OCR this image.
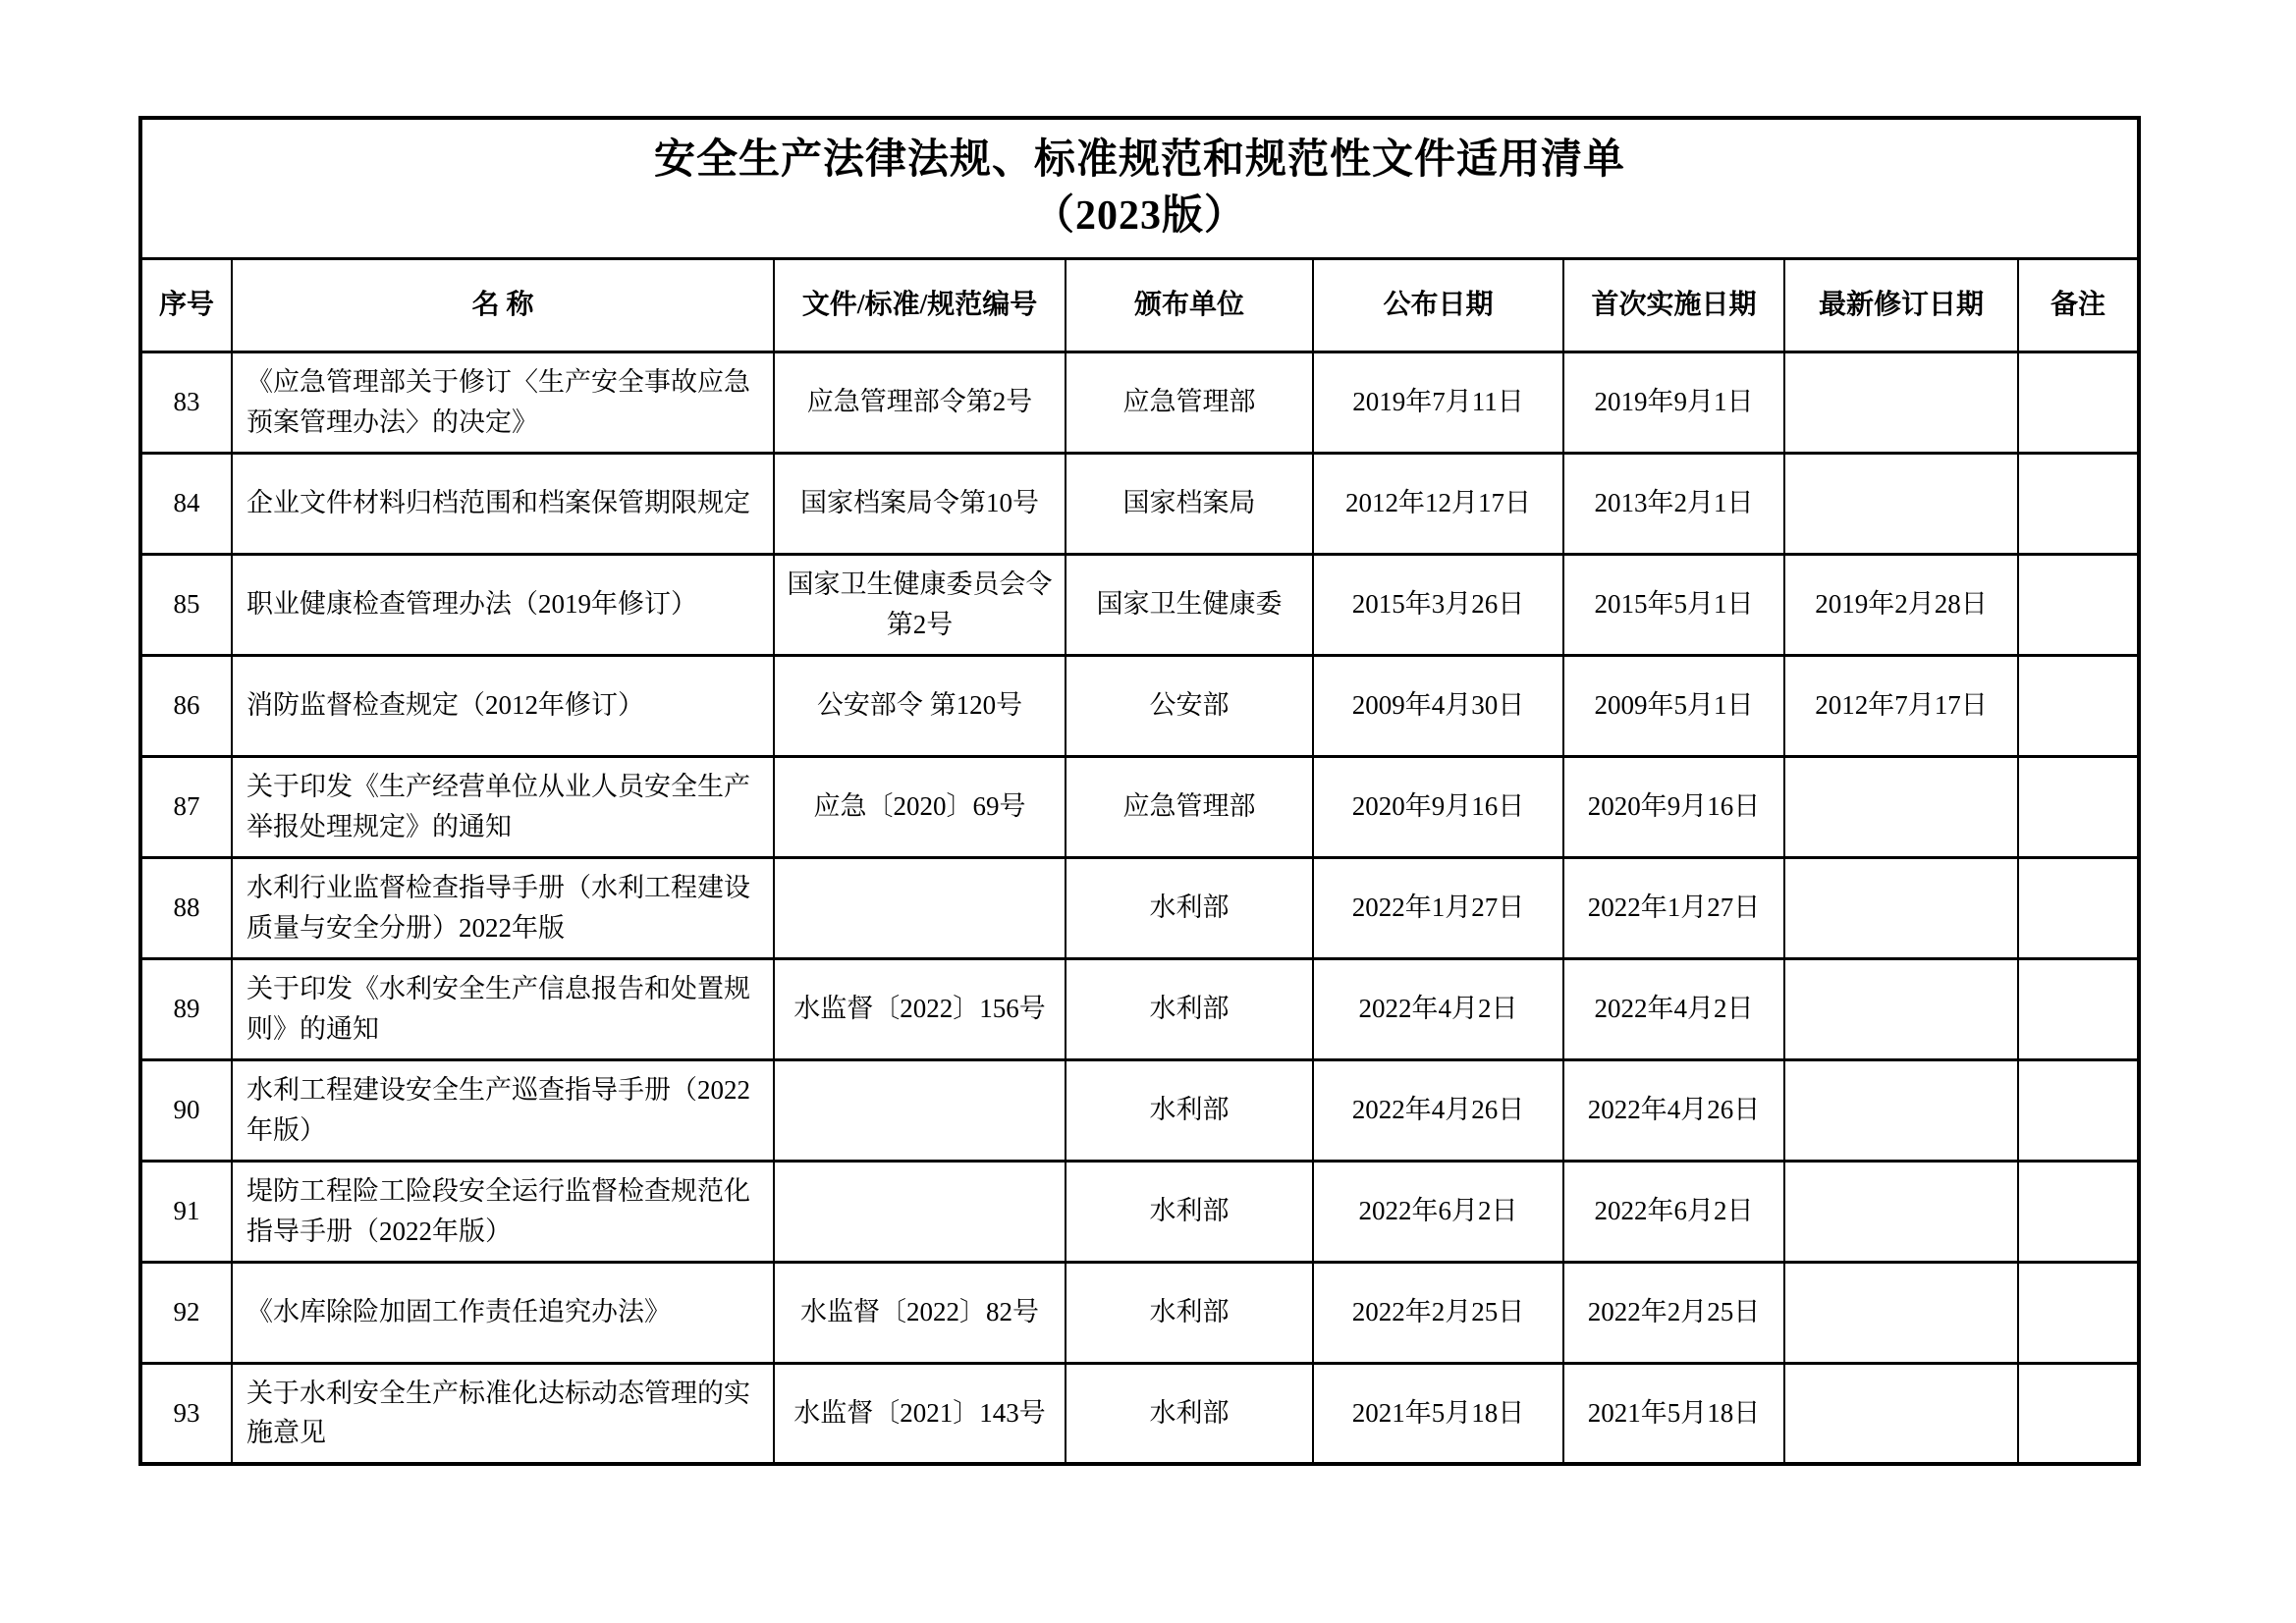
安全生产法律法规、标准规范和规范性文件适用清单
（2023版）							

序号	名 称	文件/标准/规范编号	颁布单位	公布日期	首次实施日期	最新修订日期	备注
83	《应急管理部关于修订〈生产安全事故应急预案管理办法〉的决定》	应急管理部令第2号	应急管理部	2019年7月11日	2019年9月1日		
84	企业文件材料归档范围和档案保管期限规定	国家档案局令第10号	国家档案局	2012年12月17日	2013年2月1日		
85	职业健康检查管理办法（2019年修订）	国家卫生健康委员会令第2号	国家卫生健康委	2015年3月26日	2015年5月1日	2019年2月28日	
86	消防监督检查规定（2012年修订）	公安部令 第120号	公安部	2009年4月30日	2009年5月1日	2012年7月17日	
87	关于印发《生产经营单位从业人员安全生产举报处理规定》的通知	应急〔2020〕69号	应急管理部	2020年9月16日	2020年9月16日		
88	水利行业监督检查指导手册（水利工程建设质量与安全分册）2022年版		水利部	2022年1月27日	2022年1月27日		
89	关于印发《水利安全生产信息报告和处置规则》的通知	水监督〔2022〕156号	水利部	2022年4月2日	2022年4月2日		
90	水利工程建设安全生产巡查指导手册（2022年版）		水利部	2022年4月26日	2022年4月26日		
91	堤防工程险工险段安全运行监督检查规范化指导手册（2022年版）		水利部	2022年6月2日	2022年6月2日		
92	《水库除险加固工作责任追究办法》	水监督〔2022〕82号	水利部	2022年2月25日	2022年2月25日		
93	关于水利安全生产标准化达标动态管理的实施意见	水监督〔2021〕143号	水利部	2021年5月18日	2021年5月18日		
